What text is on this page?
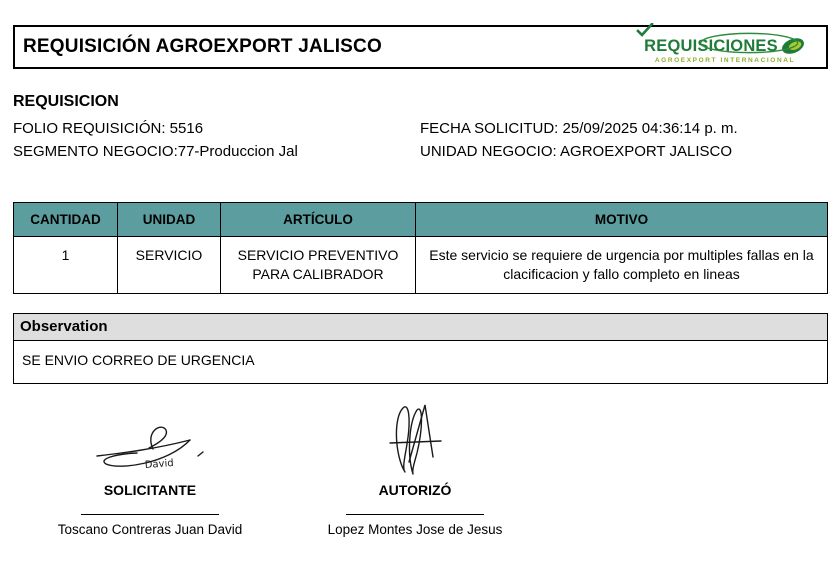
REQUISICIÓN AGROEXPORT JALISCO	REQUISICIONES
AGROEXPORT INTERNACIONAL
REQUISICION
FOLIO REQUISICIÓN: 5516	FECHA SOLICITUD: 25/09/2025 04:36:14 p. m.
SEGMENTO NEGOCIO:77-Produccion Jal	UNIDAD NEGOCIO: AGROEXPORT JALISCO
CANTIDAD	UNIDAD	ARTÍCULO	MOTIVO
1	SERVICIO	SERVICIO PREVENTIVO PARA CALIBRADOR	Este servicio se requiere de urgencia por multiples fallas en la clacificacion y fallo completo en lineas
Observation
SE ENVIO CORREO DE URGENCIA
David
SOLICITANTE
Toscano Contreras Juan David
AUTORIZÓ
Lopez Montes Jose de Jesus
